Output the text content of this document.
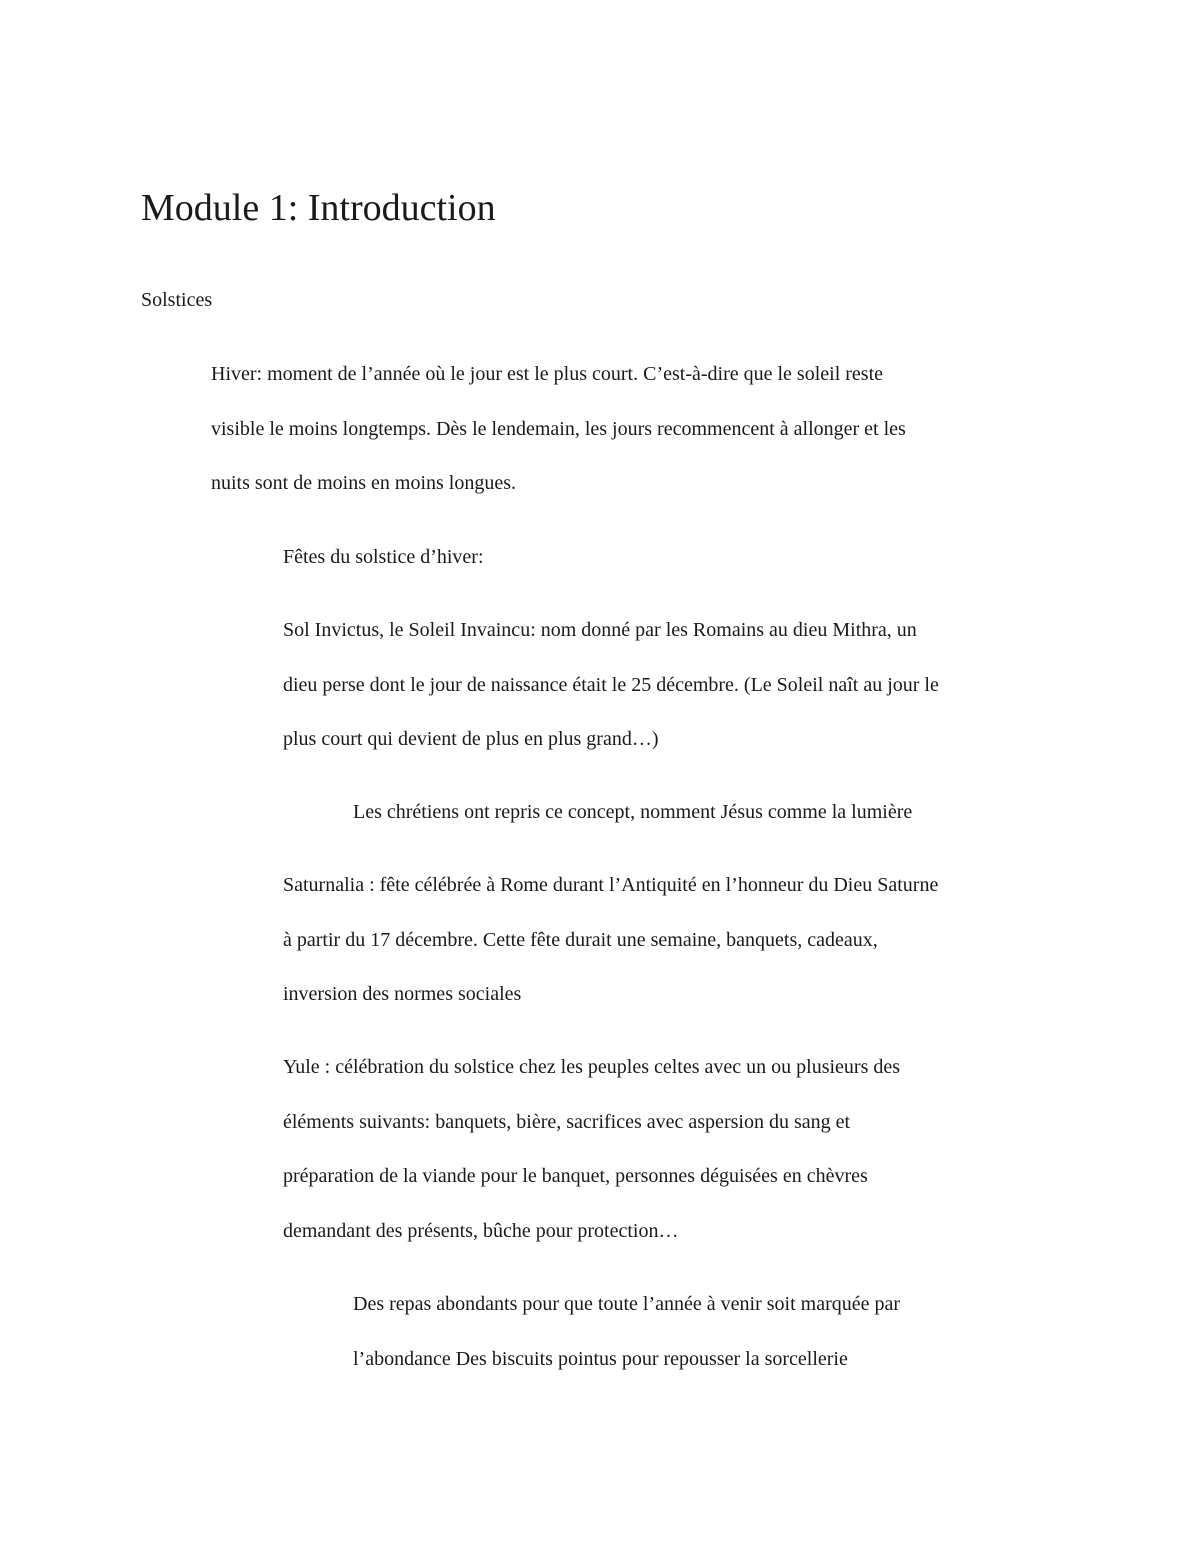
Module 1: Introduction

Solstices

Hiver: moment de l’année où le jour est le plus court. C’est-à-dire que le soleil reste
visible le moins longtemps. Dès le lendemain, les jours recommencent à allonger et les
nuits sont de moins en moins longues.

Fêtes du solstice d’hiver:

Sol Invictus, le Soleil Invaincu: nom donné par les Romains au dieu Mithra, un
dieu perse dont le jour de naissance était le 25 décembre. (Le Soleil naît au jour le
plus court qui devient de plus en plus grand…)

Les chrétiens ont repris ce concept, nomment Jésus comme la lumière

Saturnalia : fête célébrée à Rome durant l’Antiquité en l’honneur du Dieu Saturne
à partir du 17 décembre. Cette fête durait une semaine, banquets, cadeaux,
inversion des normes sociales

Yule : célébration du solstice chez les peuples celtes avec un ou plusieurs des
éléments suivants: banquets, bière, sacrifices avec aspersion du sang et
préparation de la viande pour le banquet, personnes déguisées en chèvres
demandant des présents, bûche pour protection…

Des repas abondants pour que toute l’année à venir soit marquée par
l’abondance Des biscuits pointus pour repousser la sorcellerie
